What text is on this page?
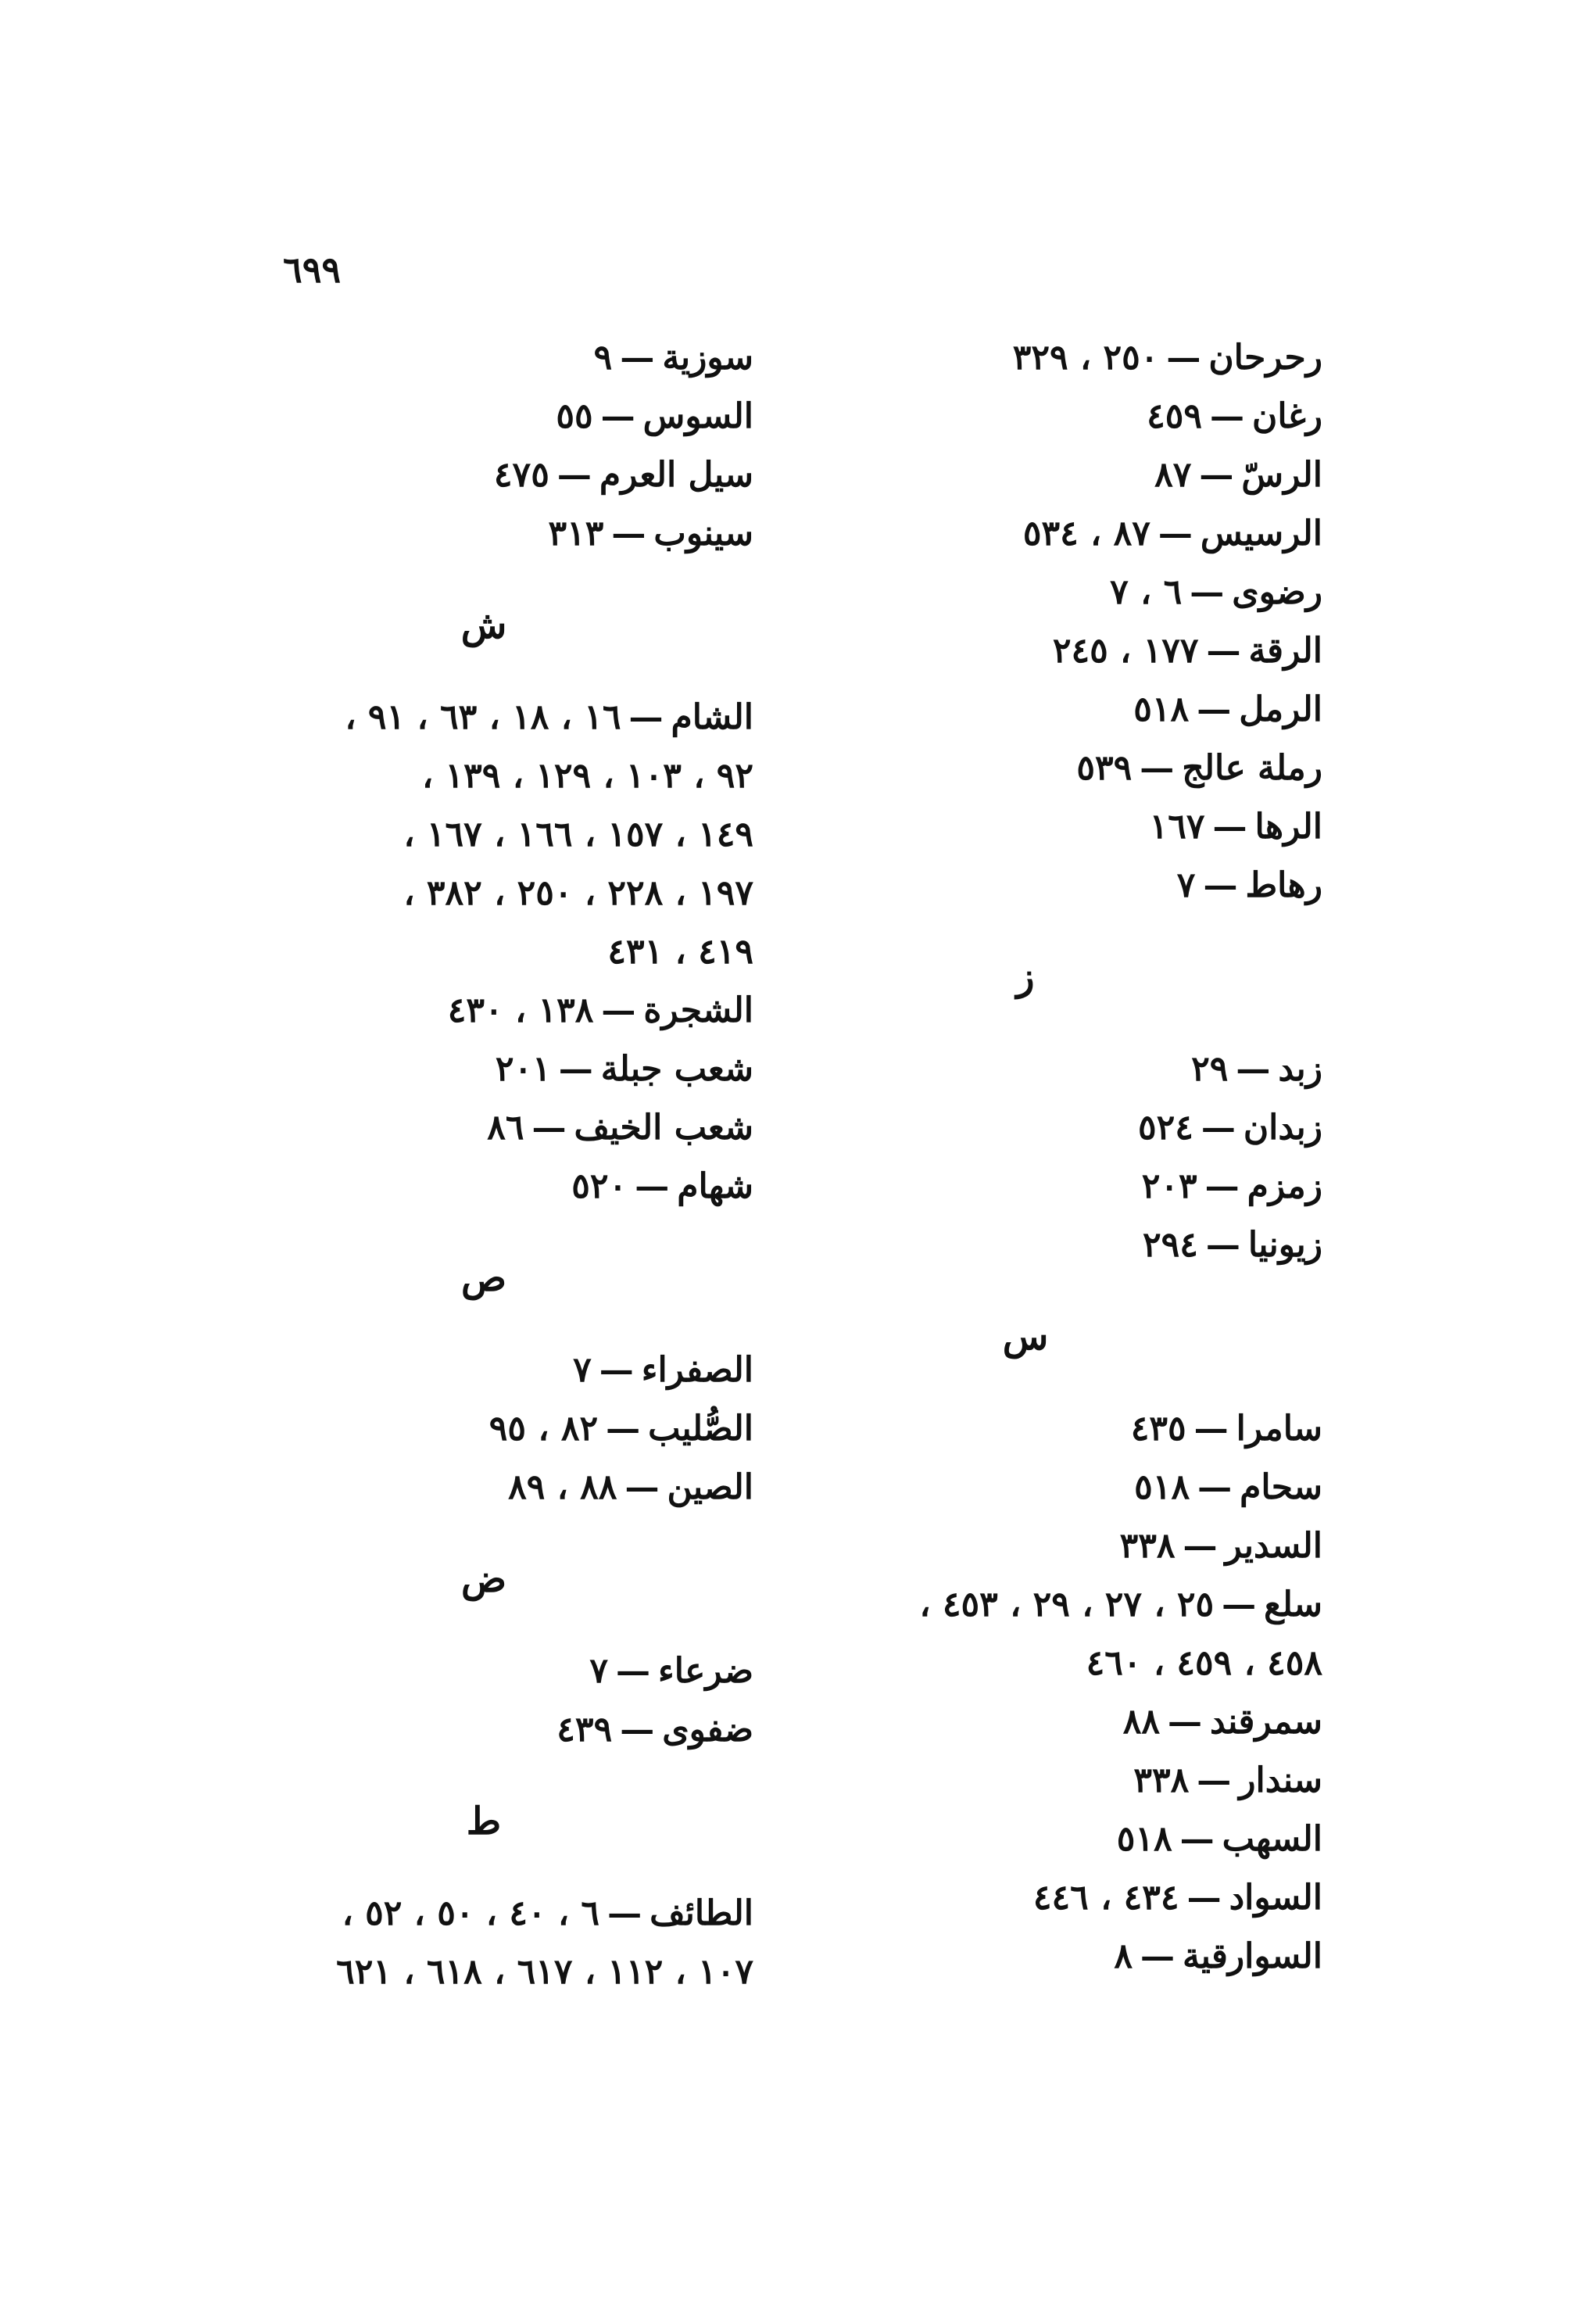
٦٩٩
رحرحان—٢٥٠ ، ٣٢٩
رغان—٤٥٩
الرسّ—٨٧
الرسيس—٨٧ ، ٥٣٤
رضوى—٦ ، ٧
الرقة—١٧٧ ، ٢٤٥
الرمل—٥١٨
رملة عالج—٥٣٩
الرها—١٦٧
رهاط—٧
ز
زبد—٢٩
زبدان—٥٢٤
زمزم—٢٠٣
زيونيا—٢٩٤
س
سامرا—٤٣٥
سحام—٥١٨
السدير—٣٣٨
سلع—٢٥ ، ٢٧ ، ٢٩ ، ٤٥٣ ،
٤٥٨ ، ٤٥٩ ، ٤٦٠
سمرقند—٨٨
سندار—٣٣٨
السهب—٥١٨
السواد—٤٣٤ ، ٤٤٦
السوارقية—٨
سوزية—٩
السوس—٥٥
سيل العرم—٤٧٥
سينوب—٣١٣
ش
الشام—١٦ ، ١٨ ، ٦٣ ، ٩١ ،
٩٢ ، ١٠٣ ، ١٢٩ ، ١٣٩ ،
١٤٩ ، ١٥٧ ، ١٦٦ ، ١٦٧ ،
١٩٧ ، ٢٢٨ ، ٢٥٠ ، ٣٨٢ ،
٤١٩ ، ٤٣١
الشجرة—١٣٨ ، ٤٣٠
شعب جبلة—٢٠١
شعب الخيف—٨٦
شهام—٥٢٠
ص
الصفراء—٧
الصُّليب—٨٢ ، ٩٥
الصين—٨٨ ، ٨٩
ض
ضرعاء—٧
ضفوى—٤٣٩
ط
الطائف—٦ ، ٤٠ ، ٥٠ ، ٥٢ ،
١٠٧ ، ١١٢ ، ٦١٧ ، ٦١٨ ، ٦٢١
